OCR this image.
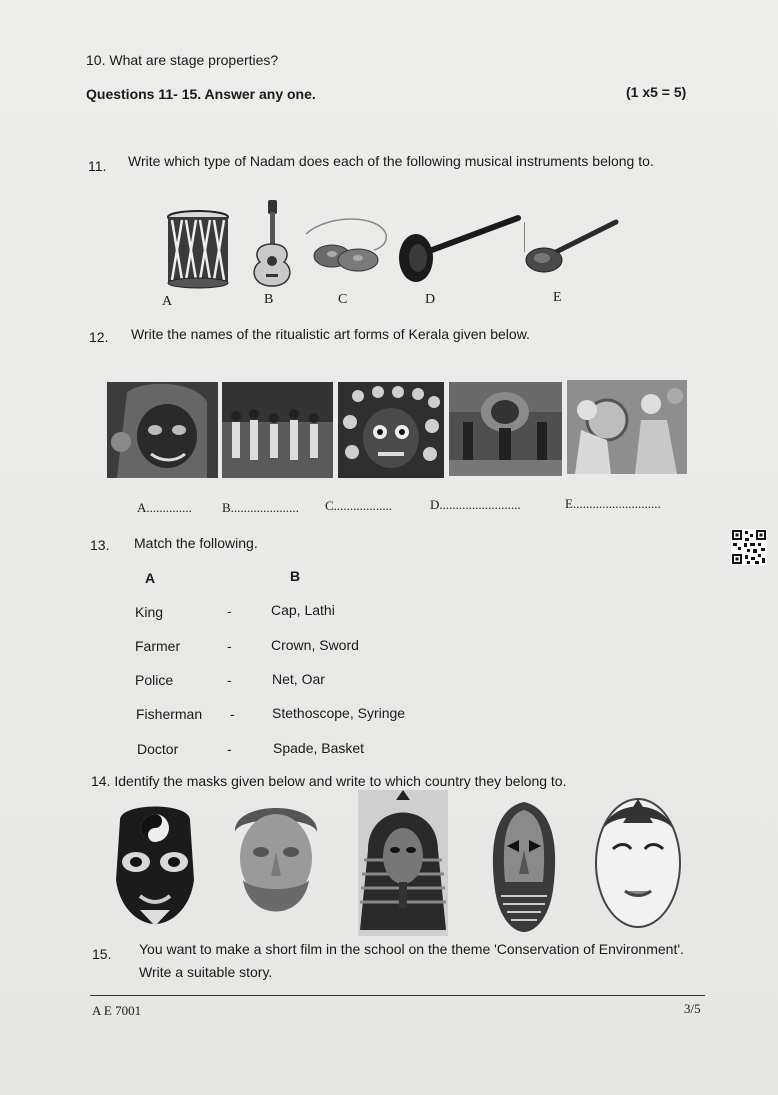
10. What are stage properties?
Questions 11- 15. Answer any one.	(1 x5 = 5)
11. Write which type of Nadam does each of the following musical instruments belong to.
A	B	C	D	E
12. Write the names of the ritualistic art forms of Kerala given below.
A.............. B..................... C..................	D.........................	E...........................
13. Match the following.
A	B
King	-	Cap, Lathi
Farmer	-	Crown, Sword
Police	-	Net, Oar
Fisherman -	Stethoscope, Syringe
Doctor	-	Spade, Basket
14. Identify the masks given below and write to which country they belong to.
15. You want to make a short film in the school on the theme 'Conservation of Environment'.
Write a suitable story.
A E 7001	3/5
